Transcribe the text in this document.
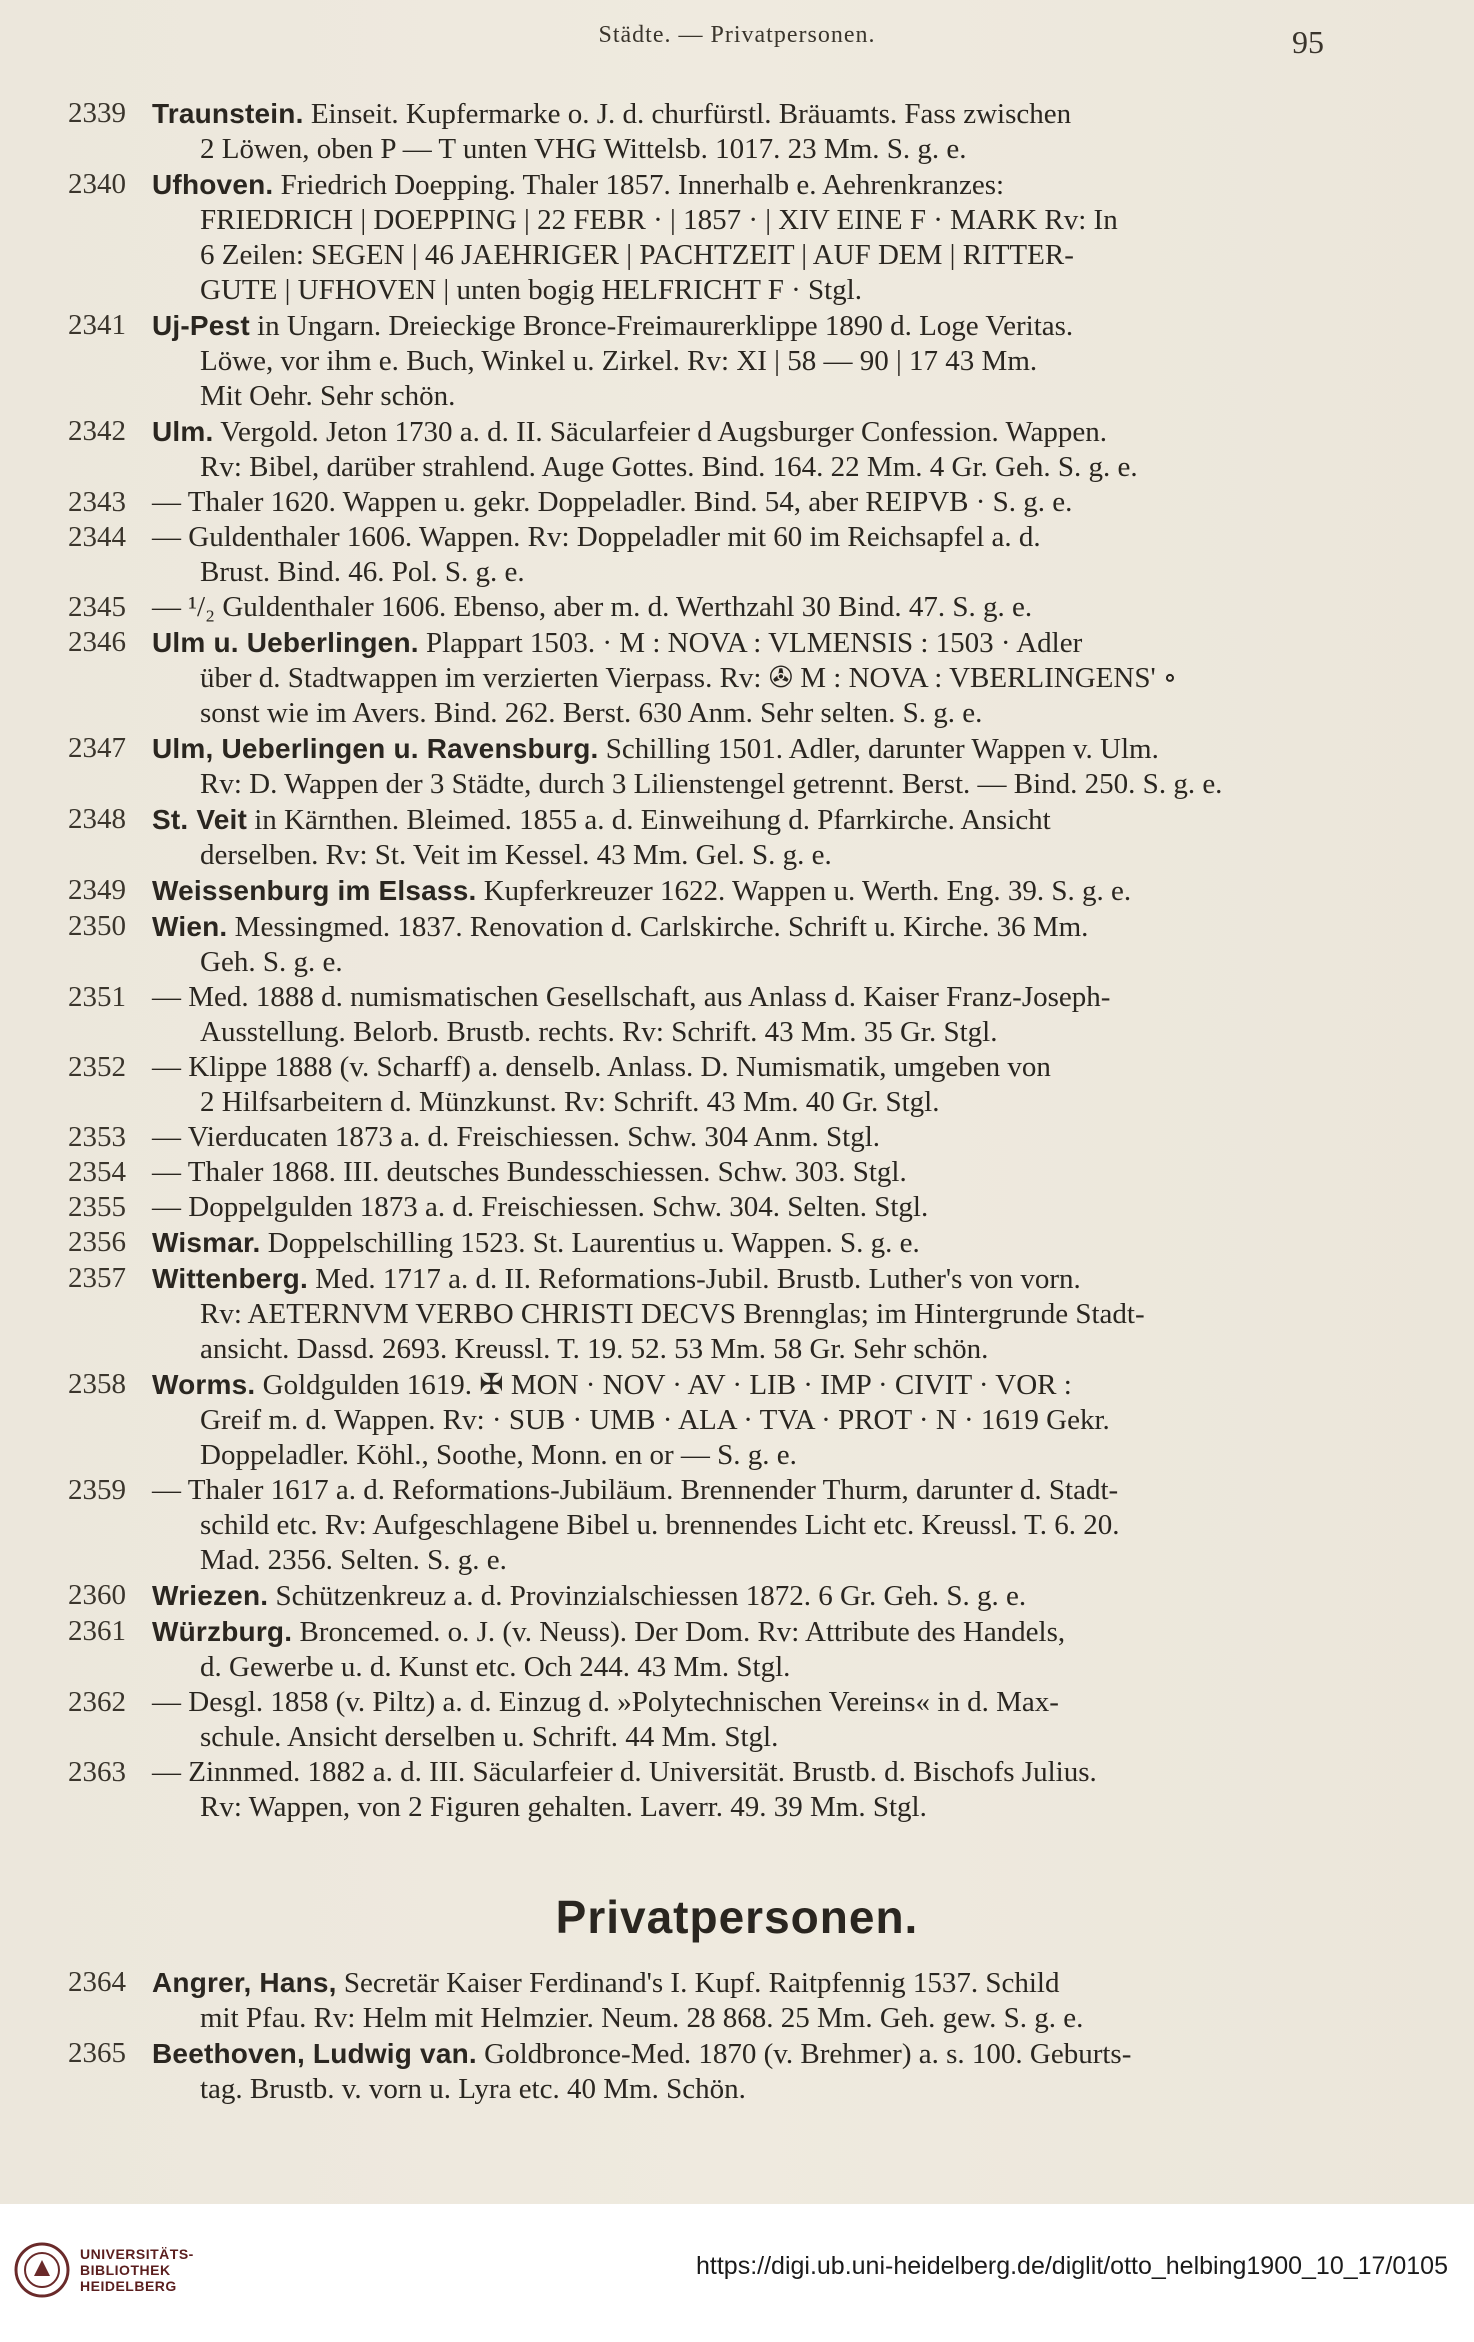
Städte. — Privatpersonen.	95
2339 Traunstein. Einseit. Kupfermarke o. J. d. churfürstl. Bräuamts. Fass zwischen
2 Löwen, oben P — T unten VHG Wittelsb. 1017. 23 Mm. S. g. e.
2340 Ufhoven. Friedrich Doepping. Thaler 1857. Innerhalb e. Aehrenkranzes:
FRIEDRICH | DOEPPING | 22 FEBR · | 1857 · | XIV EINE F · MARK Rv: In
6 Zeilen: SEGEN | 46 JAEHRIGER | PACHTZEIT | AUF DEM | RITTER-
GUTE | UFHOVEN | unten bogig HELFRICHT F · Stgl.
2341 Uj-Pest in Ungarn. Dreieckige Bronce-Freimaurerklippe 1890 d. Loge Veritas.
Löwe, vor ihm e. Buch, Winkel u. Zirkel. Rv: XI | 58 — 90 | 17 43 Mm.
Mit Oehr. Sehr schön.
2342 Ulm. Vergold. Jeton 1730 a. d. II. Säcularfeier d Augsburger Confession. Wappen.
Rv: Bibel, darüber strahlend. Auge Gottes. Bind. 164. 22 Mm. 4 Gr. Geh. S. g. e.
2343 — Thaler 1620. Wappen u. gekr. Doppeladler. Bind. 54, aber REIPVB · S. g. e.
2344 — Guldenthaler 1606. Wappen. Rv: Doppeladler mit 60 im Reichsapfel a. d.
Brust. Bind. 46. Pol. S. g. e.
2345 — ¹/₂ Guldenthaler 1606. Ebenso, aber m. d. Werthzahl 30 Bind. 47. S. g. e.
2346 Ulm u. Ueberlingen. Plappart 1503. · M : NOVA : VLMENSIS : 1503 · Adler
über d. Stadtwappen im verzierten Vierpass. Rv: ✇ M : NOVA : VBERLINGENS' ∘
sonst wie im Avers. Bind. 262. Berst. 630 Anm. Sehr selten. S. g. e.
2347 Ulm, Ueberlingen u. Ravensburg. Schilling 1501. Adler, darunter Wappen v. Ulm.
Rv: D. Wappen der 3 Städte, durch 3 Lilienstengel getrennt. Berst. — Bind. 250. S. g. e.
2348 St. Veit in Kärnthen. Bleimed. 1855 a. d. Einweihung d. Pfarrkirche. Ansicht
derselben. Rv: St. Veit im Kessel. 43 Mm. Gel. S. g. e.
2349 Weissenburg im Elsass. Kupferkreuzer 1622. Wappen u. Werth. Eng. 39. S. g. e.
2350 Wien. Messingmed. 1837. Renovation d. Carlskirche. Schrift u. Kirche. 36 Mm.
Geh. S. g. e.
2351 — Med. 1888 d. numismatischen Gesellschaft, aus Anlass d. Kaiser Franz-Joseph-
Ausstellung. Belorb. Brustb. rechts. Rv: Schrift. 43 Mm. 35 Gr. Stgl.
2352 — Klippe 1888 (v. Scharff) a. denselb. Anlass. D. Numismatik, umgeben von
2 Hilfsarbeitern d. Münzkunst. Rv: Schrift. 43 Mm. 40 Gr. Stgl.
2353 — Vierducaten 1873 a. d. Freischiessen. Schw. 304 Anm. Stgl.
2354 — Thaler 1868. III. deutsches Bundesschiessen. Schw. 303. Stgl.
2355 — Doppelgulden 1873 a. d. Freischiessen. Schw. 304. Selten. Stgl.
2356 Wismar. Doppelschilling 1523. St. Laurentius u. Wappen. S. g. e.
2357 Wittenberg. Med. 1717 a. d. II. Reformations-Jubil. Brustb. Luther's von vorn.
Rv: AETERNVM VERBO CHRISTI DECVS Brennglas; im Hintergrunde Stadt-
ansicht. Dassd. 2693. Kreussl. T. 19. 52. 53 Mm. 58 Gr. Sehr schön.
2358 Worms. Goldgulden 1619. ✠ MON · NOV · AV · LIB · IMP · CIVIT · VOR :
Greif m. d. Wappen. Rv: · SUB · UMB · ALA · TVA · PROT · N · 1619 Gekr.
Doppeladler. Köhl., Soothe, Monn. en or — S. g. e.
2359 — Thaler 1617 a. d. Reformations-Jubiläum. Brennender Thurm, darunter d. Stadt-
schild etc. Rv: Aufgeschlagene Bibel u. brennendes Licht etc. Kreussl. T. 6. 20.
Mad. 2356. Selten. S. g. e.
2360 Wriezen. Schützenkreuz a. d. Provinzialschiessen 1872. 6 Gr. Geh. S. g. e.
2361 Würzburg. Broncemed. o. J. (v. Neuss). Der Dom. Rv: Attribute des Handels,
d. Gewerbe u. d. Kunst etc. Och 244. 43 Mm. Stgl.
2362 — Desgl. 1858 (v. Piltz) a. d. Einzug d. »Polytechnischen Vereins« in d. Max-
schule. Ansicht derselben u. Schrift. 44 Mm. Stgl.
2363 — Zinnmed. 1882 a. d. III. Säcularfeier d. Universität. Brustb. d. Bischofs Julius.
Rv: Wappen, von 2 Figuren gehalten. Laverr. 49. 39 Mm. Stgl.
Privatpersonen.
2364 Angrer, Hans, Secretär Kaiser Ferdinand's I. Kupf. Raitpfennig 1537. Schild
mit Pfau. Rv: Helm mit Helmzier. Neum. 28 868. 25 Mm. Geh. gew. S. g. e.
2365 Beethoven, Ludwig van. Goldbronce-Med. 1870 (v. Brehmer) a. s. 100. Geburts-
tag. Brustb. v. vorn u. Lyra etc. 40 Mm. Schön.
UNIVERSITÄTS-
BIBLIOTHEK
HEIDELBERG
https://digi.ub.uni-heidelberg.de/diglit/otto_helbing1900_10_17/0105
